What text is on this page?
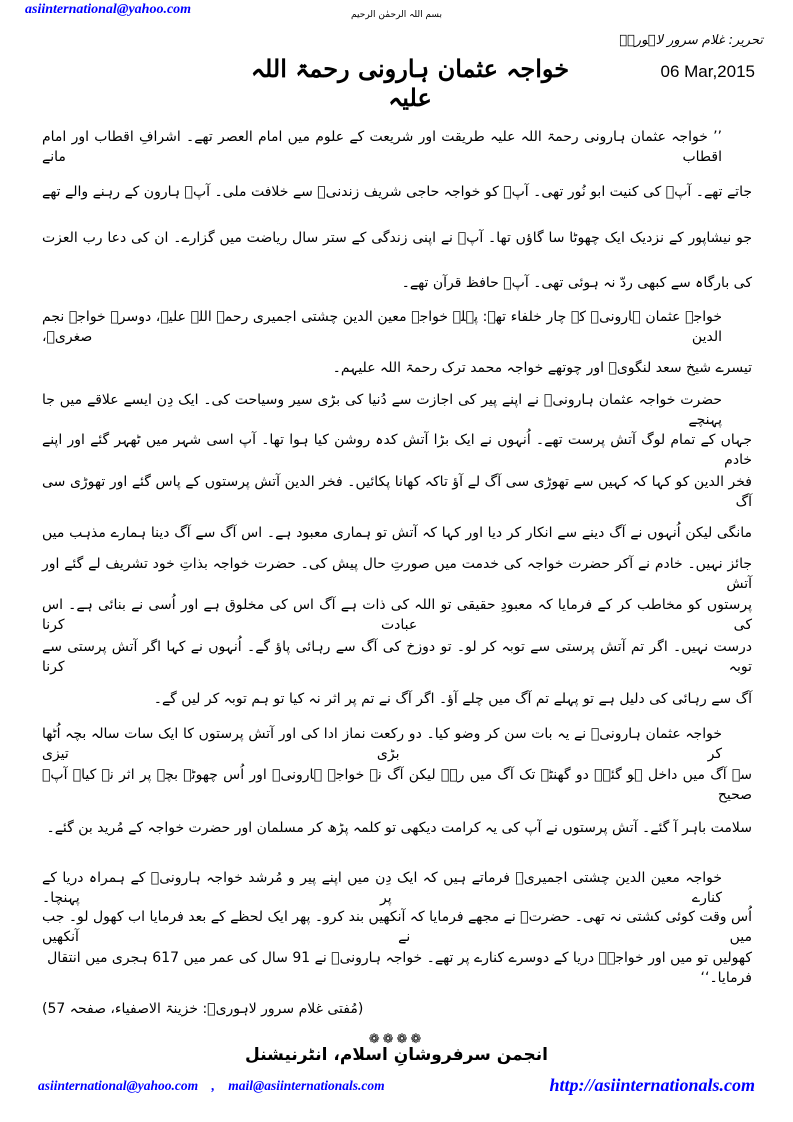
asiinternational@yahoo.com	بسم اللہ الرحمٰن الرحیم
تحریر: غلام سرور لاہوریؒ
06 Mar,2015
خواجہ عثمان ہارونی رحمۃ اللہ علیہ
’’ خواجہ عثمان ہارونی رحمۃ اللہ علیہ طریقت اور شریعت کے علوم میں امام العصر تھے۔ اشرافِ اقطاب اور امام اقطاب مانے
جاتے تھے۔ آپؒ کی کنیت ابو نُور تھی۔ آپؒ کو خواجہ حاجی شریف زندنیؒ سے خلافت ملی۔ آپؒ ہارون کے رہنے والے تھے
جو نیشاپور کے نزدیک ایک چھوٹا سا گاؤں تھا۔ آپؒ نے اپنی زندگی کے ستر سال ریاضت میں گزارے۔ ان کی دعا رب العزت
کی بارگاہ سے کبھی ردّ نہ ہوئی تھی۔ آپؒ حافظ قرآن تھے۔
خواجہ عثمان ہارونیؒ کے چار خلفاء تھے: پہلے خواجہ معین الدین چشتی اجمیری رحمۃ اللہ علیہ، دوسرے خواجہ نجم الدین صغریؒ،
تیسرے شیخ سعد لنگویؒ اور چوتھے خواجہ محمد ترک رحمۃ اللہ علیہم۔
حضرت خواجہ عثمان ہارونیؒ نے اپنے پیر کی اجازت سے دُنیا کی بڑی سیر وسیاحت کی۔ ایک دِن ایسے علاقے میں جا پہنچے
جہاں کے تمام لوگ آتش پرست تھے۔ اُنہوں نے ایک بڑا آتش کدہ روشن کیا ہوا تھا۔ آپ اسی شہر میں ٹھہر گئے اور اپنے خادم
فخر الدین کو کہا کہ کہیں سے تھوڑی سی آگ لے آؤ تاکہ کھانا پکائیں۔ فخر الدین آتش پرستوں کے پاس گئے اور تھوڑی سی آگ
مانگی لیکن اُنہوں نے آگ دینے سے انکار کر دیا اور کہا کہ آتش تو ہماری معبود ہے۔ اس آگ سے آگ دینا ہمارے مذہب میں
جائز نہیں۔ خادم نے آکر حضرت خواجہ کی خدمت میں صورتِ حال پیش کی۔ حضرت خواجہ بذاتِ خود تشریف لے گئے اور آتش
پرستوں کو مخاطب کر کے فرمایا کہ معبودِ حقیقی تو اللہ کی ذات ہے آگ اس کی مخلوق ہے اور اُسی نے بنائی ہے۔ اس کی عبادت کرنا
درست نہیں۔ اگر تم آتش پرستی سے توبہ کر لو۔ تو دوزخ کی آگ سے رہائی پاؤ گے۔ اُنہوں نے کہا اگر آتش پرستی سے توبہ کرنا
آگ سے رہائی کی دلیل ہے تو پہلے تم آگ میں چلے آؤ۔ اگر آگ نے تم پر اثر نہ کیا تو ہم توبہ کر لیں گے۔
خواجہ عثمان ہارونیؒ نے یہ بات سن کر وضو کیا۔ دو رکعت نماز ادا کی اور آتش پرستوں کا ایک سات سالہ بچہ اُٹھا کر بڑی تیزی
سے آگ میں داخل ہو گئے۔ دو گھنٹے تک آگ میں رہے لیکن آگ نے خواجہ ہارونیؒ اور اُس چھوٹے بچے پر اثر نہ کیا۔ آپؒ صحیح
سلامت باہر آ گئے۔ آتش پرستوں نے آپ کی یہ کرامت دیکھی تو کلمہ پڑھ کر مسلمان اور حضرت خواجہ کے مُرید بن گئے۔
خواجہ معین الدین چشتی اجمیریؒ فرماتے ہیں کہ ایک دِن میں اپنے پیر و مُرشد خواجہ ہارونیؒ کے ہمراہ دریا کے کنارے پر پہنچا۔
اُس وقت کوئی کشتی نہ تھی۔ حضرتؒ نے مجھے فرمایا کہ آنکھیں بند کرو۔ پھر ایک لحظے کے بعد فرمایا اب کھول لو۔ جب میں نے آنکھیں
کھولیں تو میں اور خواجہؒ دریا کے دوسرے کنارے پر تھے۔ خواجہ ہارونیؒ نے 91 سال کی عمر میں 617 ہجری میں انتقال فرمایا۔‘‘
(مُفتی غلام سرور لاہوریؒ: خزینۃ الاصفیاء، صفحہ 57)
❁❁❁❁
انجمن سرفروشانِ اسلام، انٹرنیشنل
asiinternational@yahoo.com , mail@asiinternationals.com	http://asiinternationals.com
